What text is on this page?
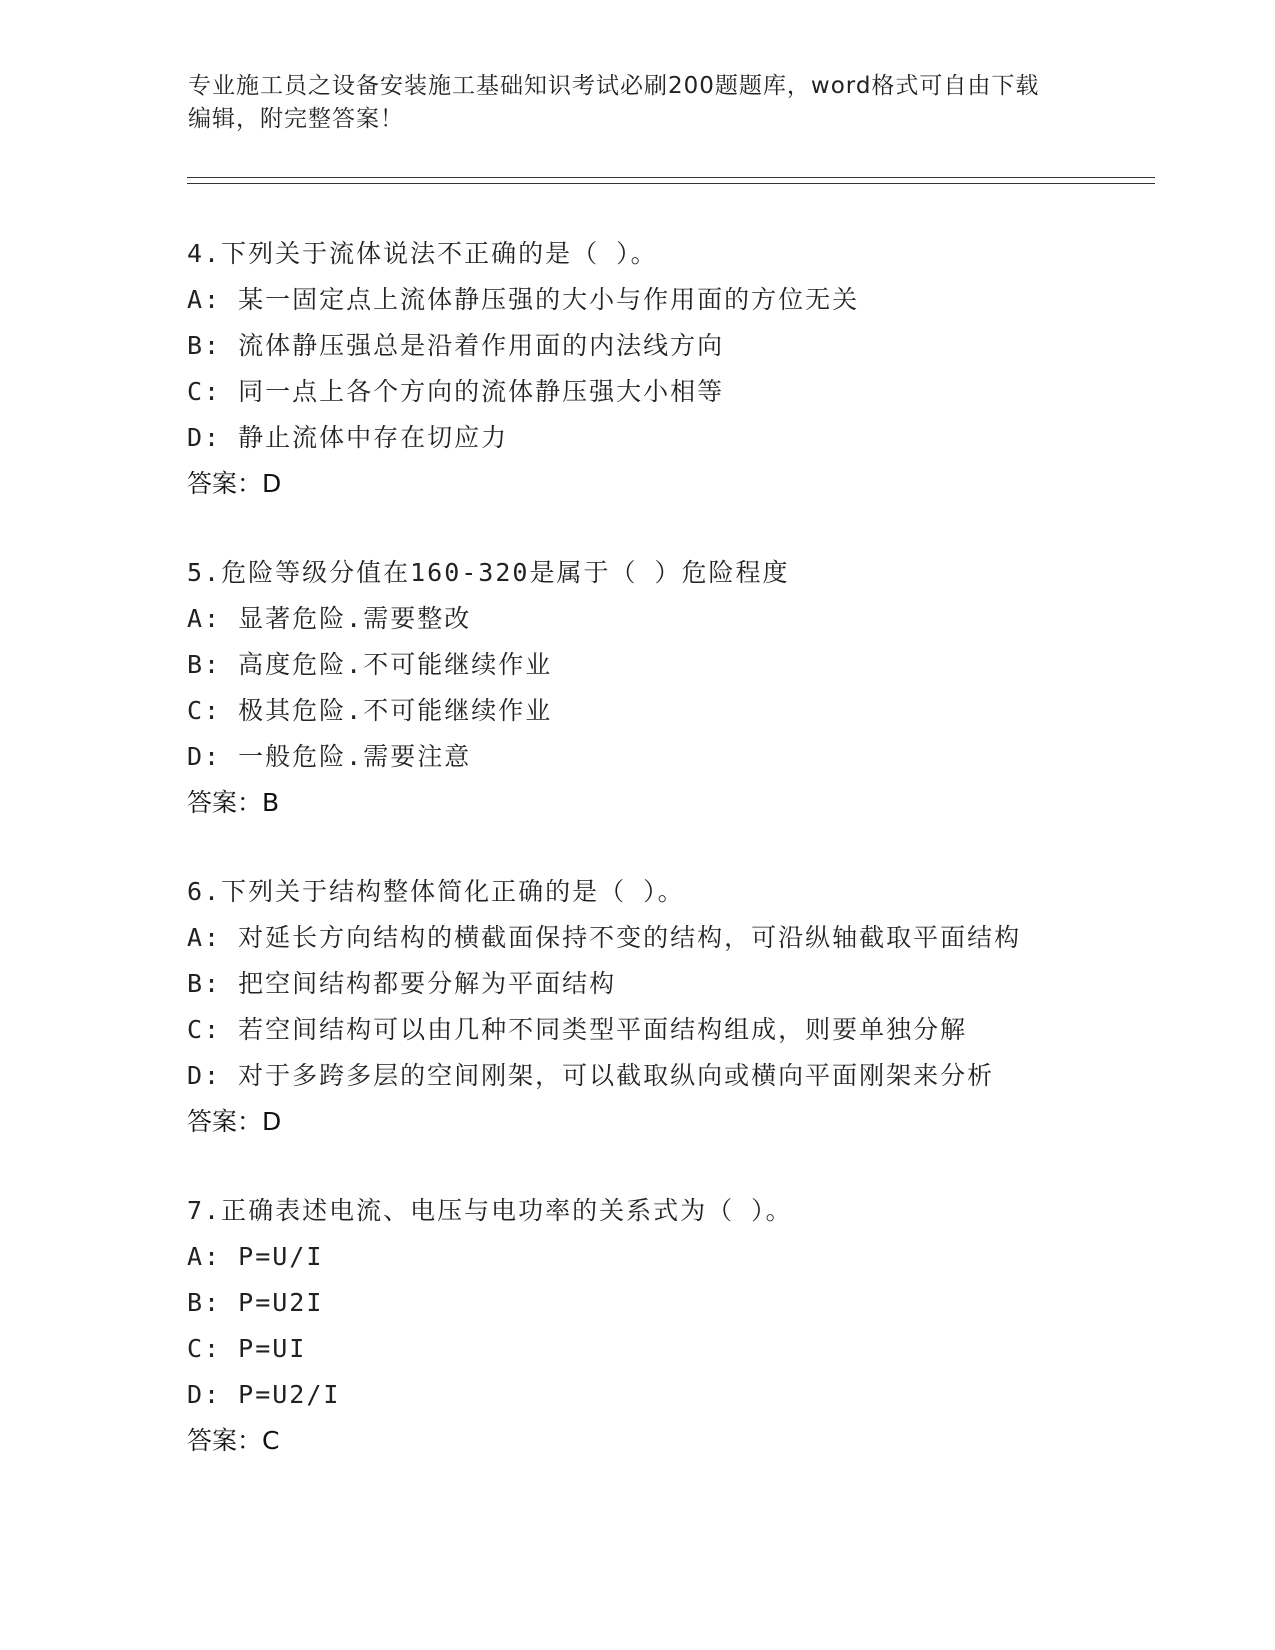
专业施工员之设备安装施工基础知识考试必刷200题题库，word格式可自由下载
编辑，附完整答案！
4.下列关于流体说法不正确的是（ ）。
A: 某一固定点上流体静压强的大小与作用面的方位无关
B: 流体静压强总是沿着作用面的内法线方向
C: 同一点上各个方向的流体静压强大小相等
D: 静止流体中存在切应力
答案：D
5.危险等级分值在160-320是属于（ ）危险程度
A: 显著危险.需要整改
B: 高度危险.不可能继续作业
C: 极其危险.不可能继续作业
D: 一般危险.需要注意
答案：B
6.下列关于结构整体简化正确的是（ ）。
A: 对延长方向结构的横截面保持不变的结构，可沿纵轴截取平面结构
B: 把空间结构都要分解为平面结构
C: 若空间结构可以由几种不同类型平面结构组成，则要单独分解
D: 对于多跨多层的空间刚架，可以截取纵向或横向平面刚架来分析
答案：D
7.正确表述电流、电压与电功率的关系式为（ ）。
A: P=U/I
B: P=U2I
C: P=UI
D: P=U2/I
答案：C
